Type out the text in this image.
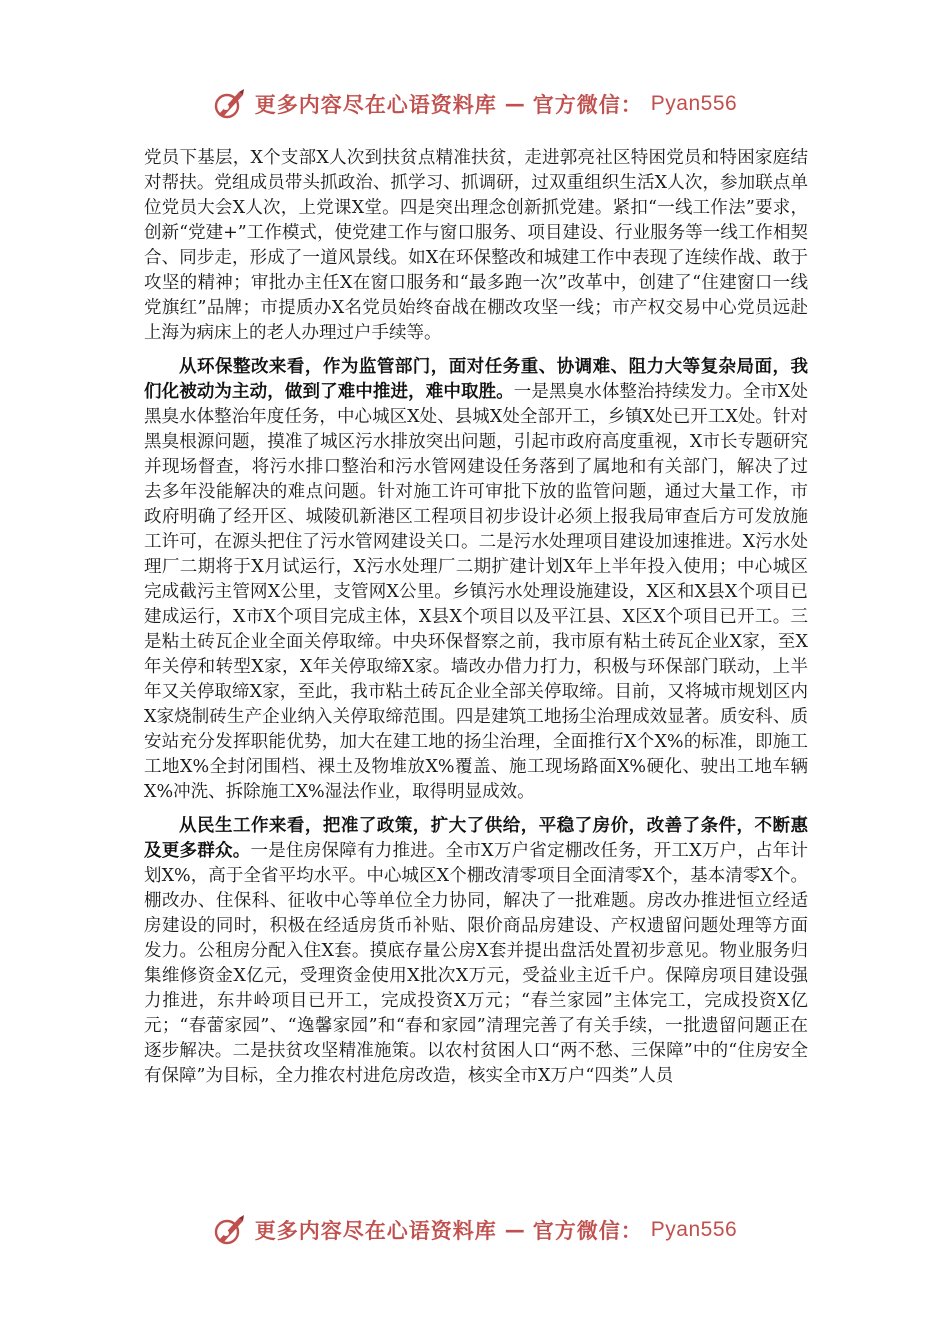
更多内容尽在心语资料库 — 官方微信： Pyan556

党员下基层，X个支部X人次到扶贫点精准扶贫，走进郭亮社区特困党员和特困家庭结对帮扶。党组成员带头抓政治、抓学习、抓调研，过双重组织生活X人次，参加联点单位党员大会X人次，上党课X堂。四是突出理念创新抓党建。紧扣“一线工作法”要求，创新“党建+”工作模式，使党建工作与窗口服务、项目建设、行业服务等一线工作相契合、同步走，形成了一道风景线。如X在环保整改和城建工作中表现了连续作战、敢于攻坚的精神；审批办主任X在窗口服务和“最多跑一次”改革中，创建了“住建窗口一线党旗红”品牌；市提质办X名党员始终奋战在棚改攻坚一线；市产权交易中心党员远赴上海为病床上的老人办理过户手续等。

从环保整改来看，作为监管部门，面对任务重、协调难、阻力大等复杂局面，我们化被动为主动，做到了难中推进，难中取胜。一是黑臭水体整治持续发力。全市X处黑臭水体整治年度任务，中心城区X处、县城X处全部开工，乡镇X处已开工X处。针对黑臭根源问题，摸准了城区污水排放突出问题，引起市政府高度重视，X市长专题研究并现场督查，将污水排口整治和污水管网建设任务落到了属地和有关部门，解决了过去多年没能解决的难点问题。针对施工许可审批下放的监管问题，通过大量工作，市政府明确了经开区、城陵矶新港区工程项目初步设计必须上报我局审查后方可发放施工许可，在源头把住了污水管网建设关口。二是污水处理项目建设加速推进。X污水处理厂二期将于X月试运行，X污水处理厂二期扩建计划X年上半年投入使用；中心城区完成截污主管网X公里，支管网X公里。乡镇污水处理设施建设，X区和X县X个项目已建成运行，X市X个项目完成主体，X县X个项目以及平江县、X区X个项目已开工。三是粘土砖瓦企业全面关停取缔。中央环保督察之前，我市原有粘土砖瓦企业X家，至X年关停和转型X家，X年关停取缔X家。墙改办借力打力，积极与环保部门联动，上半年又关停取缔X家，至此，我市粘土砖瓦企业全部关停取缔。目前，又将城市规划区内X家烧制砖生产企业纳入关停取缔范围。四是建筑工地扬尘治理成效显著。质安科、质安站充分发挥职能优势，加大在建工地的扬尘治理，全面推行X个X%的标准，即施工工地X%全封闭围档、裸土及物堆放X%覆盖、施工现场路面X%硬化、驶出工地车辆X%冲洗、拆除施工X%湿法作业，取得明显成效。

从民生工作来看，把准了政策，扩大了供给，平稳了房价，改善了条件，不断惠及更多群众。一是住房保障有力推进。全市X万户省定棚改任务，开工X万户，占年计划X%，高于全省平均水平。中心城区X个棚改清零项目全面清零X个，基本清零X个。棚改办、住保科、征收中心等单位全力协同，解决了一批难题。房改办推进恒立经适房建设的同时，积极在经适房货币补贴、限价商品房建设、产权遗留问题处理等方面发力。公租房分配入住X套。摸底存量公房X套并提出盘活处置初步意见。物业服务归集维修资金X亿元，受理资金使用X批次X万元，受益业主近千户。保障房项目建设强力推进，东井岭项目已开工，完成投资X万元；“春兰家园”主体完工，完成投资X亿元；“春蕾家园”、“逸馨家园”和“春和家园”清理完善了有关手续，一批遗留问题正在逐步解决。二是扶贫攻坚精准施策。以农村贫困人口“两不愁、三保障”中的“住房安全有保障”为目标，全力推农村进危房改造，核实全市X万户“四类”人员

更多内容尽在心语资料库 — 官方微信： Pyan556
